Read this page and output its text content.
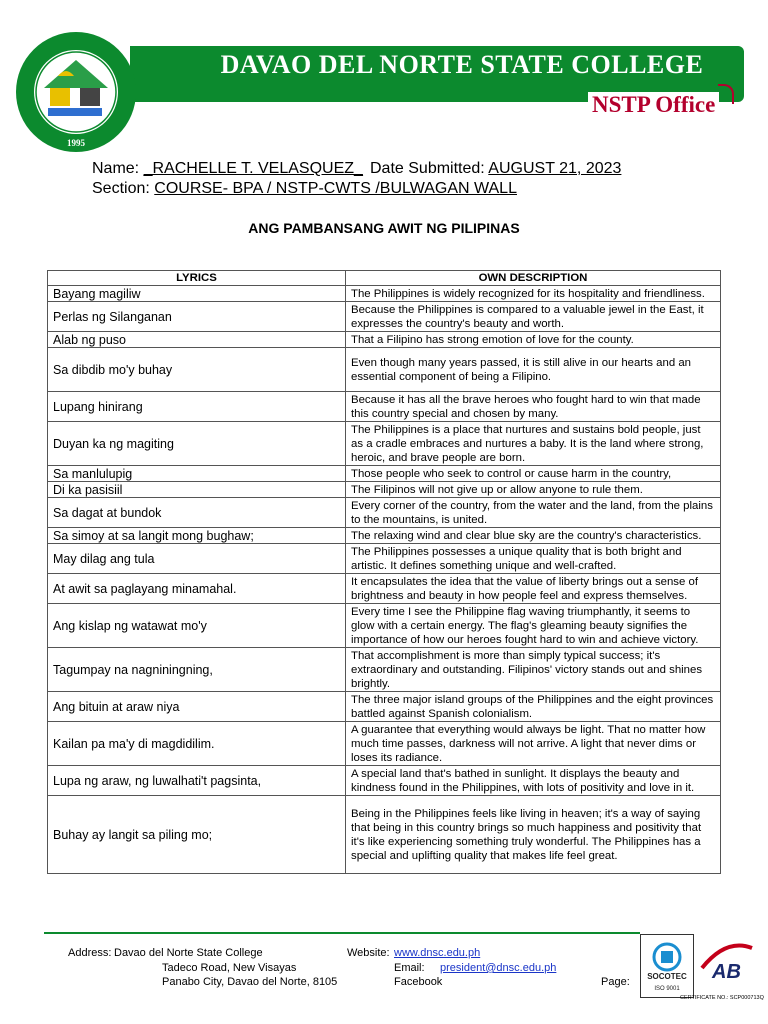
1995
DAVAO DEL NORTE STATE COLLEGE
NSTP Office
Name: _RACHELLE T. VELASQUEZ_ Date Submitted: AUGUST 21, 2023
Section: COURSE- BPA / NSTP-CWTS /BULWAGAN WALL
ANG PAMBANSANG AWIT NG PILIPINAS
LYRICS	OWN DESCRIPTION
Bayang magiliw	The Philippines is widely recognized for its hospitality and friendliness.
Perlas ng Silanganan	Because the Philippines is compared to a valuable jewel in the East, it expresses the country's beauty and worth.
Alab ng puso	That a Filipino has strong emotion of love for the county.
Sa dibdib mo'y buhay	Even though many years passed, it is still alive in our hearts and an essential component of being a Filipino.
Lupang hinirang	Because it has all the brave heroes who fought hard to win that made this country special and chosen by many.
Duyan ka ng magiting	The Philippines is a place that nurtures and sustains bold people, just as a cradle embraces and nurtures a baby. It is the land where strong, heroic, and brave people are born.
Sa manlulupig	Those people who seek to control or cause harm in the country,
Di ka pasisiil	The Filipinos will not give up or allow anyone to rule them.
Sa dagat at bundok	Every corner of the country, from the water and the land, from the plains to the mountains, is united.
Sa simoy at sa langit mong bughaw;	The relaxing wind and clear blue sky are the country's characteristics.
May dilag ang tula	The Philippines possesses a unique quality that is both bright and artistic. It defines something unique and well-crafted.
At awit sa paglayang minamahal.	It encapsulates the idea that the value of liberty brings out a sense of brightness and beauty in how people feel and express themselves.
Ang kislap ng watawat mo'y	Every time I see the Philippine flag waving triumphantly, it seems to glow with a certain energy. The flag's gleaming beauty signifies the importance of how our heroes fought hard to win and achieve victory.
Tagumpay na nagniningning,	That accomplishment is more than simply typical success; it's extraordinary and outstanding. Filipinos' victory stands out and shines brightly.
Ang bituin at araw niya	The three major island groups of the Philippines and the eight provinces battled against Spanish colonialism.
Kailan pa ma'y di magdidilim.	A guarantee that everything would always be light. That no matter how much time passes, darkness will not arrive. A light that never dims or loses its radiance.
Lupa ng araw, ng luwalhati't pagsinta,	A special land that's bathed in sunlight. It displays the beauty and kindness found in the Philippines, with lots of positivity and love in it.
Buhay ay langit sa piling mo;	Being in the Philippines feels like living in heaven; it's a way of saying that being in this country brings so much happiness and positivity that it's like experiencing something truly wonderful. The Philippines has a special and uplifting quality that makes life feel great.
Address: Davao del Norte State College
Tadeco Road, New Visayas
Panabo City, Davao del Norte, 8105
Website: www.dnsc.edu.ph
Email: president@dnsc.edu.ph
Facebook	Page: SOCOTEC
ISO 9001
AB
CERTIFICATE NO.: SCP000713Q
